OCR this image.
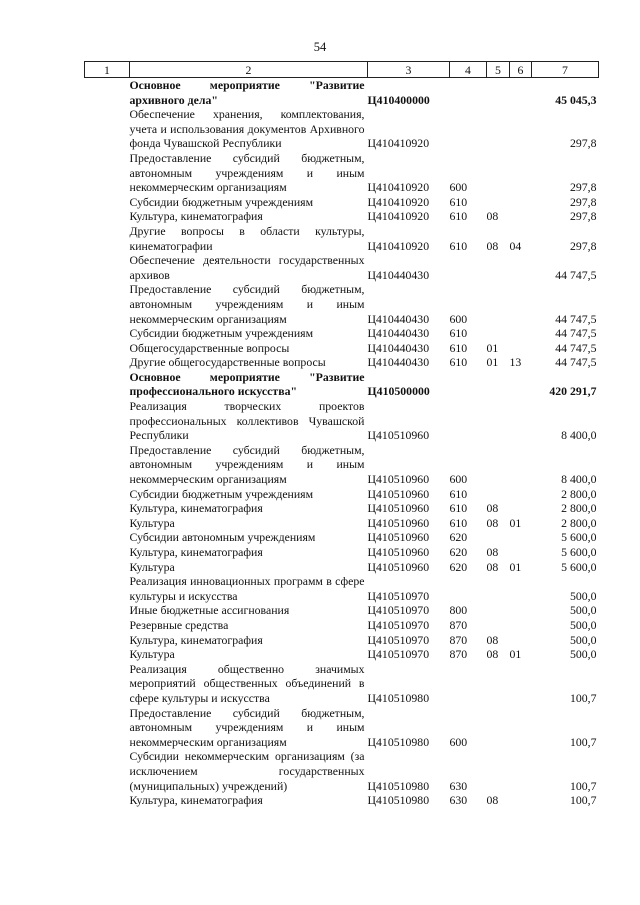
54
1	2	3	4	5	6	7
	Основное мероприятие "Развитие архивного дела"	Ц410400000				45 045,3
	Обеспечение хранения, комплектования, учета и использования документов Архивного фонда Чувашской Республики	Ц410410920				297,8
	Предоставление субсидий бюджетным, автономным учреждениям и иным некоммерческим организациям	Ц410410920	600			297,8
	Субсидии бюджетным учреждениям	Ц410410920	610			297,8
	Культура, кинематография	Ц410410920	610	08		297,8
	Другие вопросы в области культуры, кинематографии	Ц410410920	610	08	04	297,8
	Обеспечение деятельности государственных архивов	Ц410440430				44 747,5
	Предоставление субсидий бюджетным, автономным учреждениям и иным некоммерческим организациям	Ц410440430	600			44 747,5
	Субсидии бюджетным учреждениям	Ц410440430	610			44 747,5
	Общегосударственные вопросы	Ц410440430	610	01		44 747,5
	Другие общегосударственные вопросы	Ц410440430	610	01	13	44 747,5
	Основное мероприятие "Развитие профессионального искусства"	Ц410500000				420 291,7
	Реализация творческих проектов профессиональных коллективов Чувашской Республики	Ц410510960				8 400,0
	Предоставление субсидий бюджетным, автономным учреждениям и иным некоммерческим организациям	Ц410510960	600			8 400,0
	Субсидии бюджетным учреждениям	Ц410510960	610			2 800,0
	Культура, кинематография	Ц410510960	610	08		2 800,0
	Культура	Ц410510960	610	08	01	2 800,0
	Субсидии автономным учреждениям	Ц410510960	620			5 600,0
	Культура, кинематография	Ц410510960	620	08		5 600,0
	Культура	Ц410510960	620	08	01	5 600,0
	Реализация инновационных программ в сфере культуры и искусства	Ц410510970				500,0
	Иные бюджетные ассигнования	Ц410510970	800			500,0
	Резервные средства	Ц410510970	870			500,0
	Культура, кинематография	Ц410510970	870	08		500,0
	Культура	Ц410510970	870	08	01	500,0
	Реализация общественно значимых мероприятий общественных объединений в сфере культуры и искусства	Ц410510980				100,7
	Предоставление субсидий бюджетным, автономным учреждениям и иным некоммерческим организациям	Ц410510980	600			100,7
	Субсидии некоммерческим организациям (за исключением государственных (муниципальных) учреждений)	Ц410510980	630			100,7
	Культура, кинематография	Ц410510980	630	08		100,7
